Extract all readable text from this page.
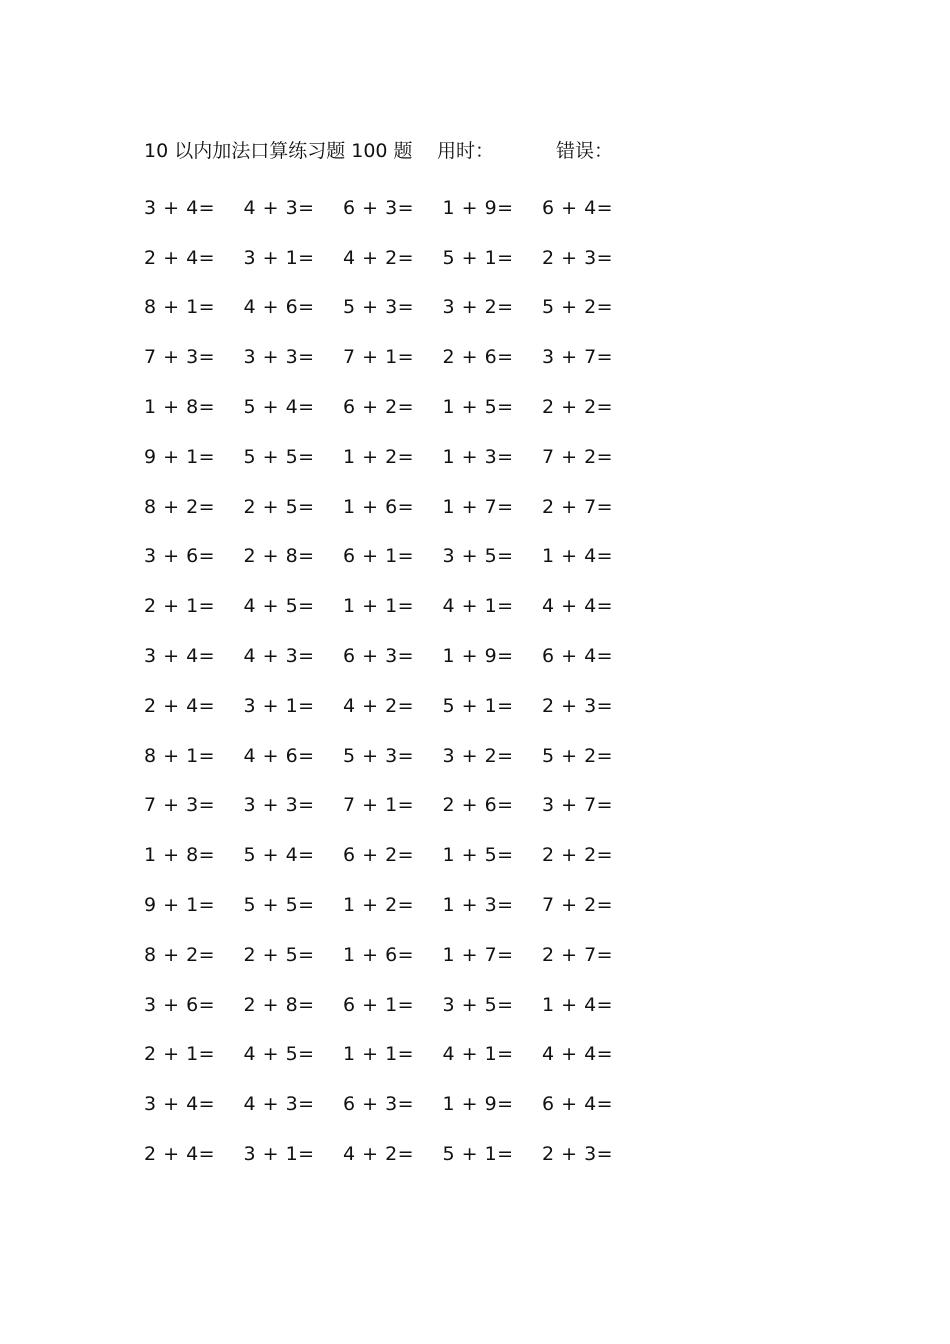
10 以内加法口算练习题 100 题 用时：	错误：
3 + 4=	4 + 3=	6 + 3=	1 + 9=	6 + 4=
2 + 4=	3 + 1=	4 + 2=	5 + 1=	2 + 3=
8 + 1=	4 + 6=	5 + 3=	3 + 2=	5 + 2=
7 + 3=	3 + 3=	7 + 1=	2 + 6=	3 + 7=
1 + 8=	5 + 4=	6 + 2=	1 + 5=	2 + 2=
9 + 1=	5 + 5=	1 + 2=	1 + 3=	7 + 2=
8 + 2=	2 + 5=	1 + 6=	1 + 7=	2 + 7=
3 + 6=	2 + 8=	6 + 1=	3 + 5=	1 + 4=
2 + 1=	4 + 5=	1 + 1=	4 + 1=	4 + 4=
3 + 4=	4 + 3=	6 + 3=	1 + 9=	6 + 4=
2 + 4=	3 + 1=	4 + 2=	5 + 1=	2 + 3=
8 + 1=	4 + 6=	5 + 3=	3 + 2=	5 + 2=
7 + 3=	3 + 3=	7 + 1=	2 + 6=	3 + 7=
1 + 8=	5 + 4=	6 + 2=	1 + 5=	2 + 2=
9 + 1=	5 + 5=	1 + 2=	1 + 3=	7 + 2=
8 + 2=	2 + 5=	1 + 6=	1 + 7=	2 + 7=
3 + 6=	2 + 8=	6 + 1=	3 + 5=	1 + 4=
2 + 1=	4 + 5=	1 + 1=	4 + 1=	4 + 4=
3 + 4=	4 + 3=	6 + 3=	1 + 9=	6 + 4=
2 + 4=	3 + 1=	4 + 2=	5 + 1=	2 + 3=
